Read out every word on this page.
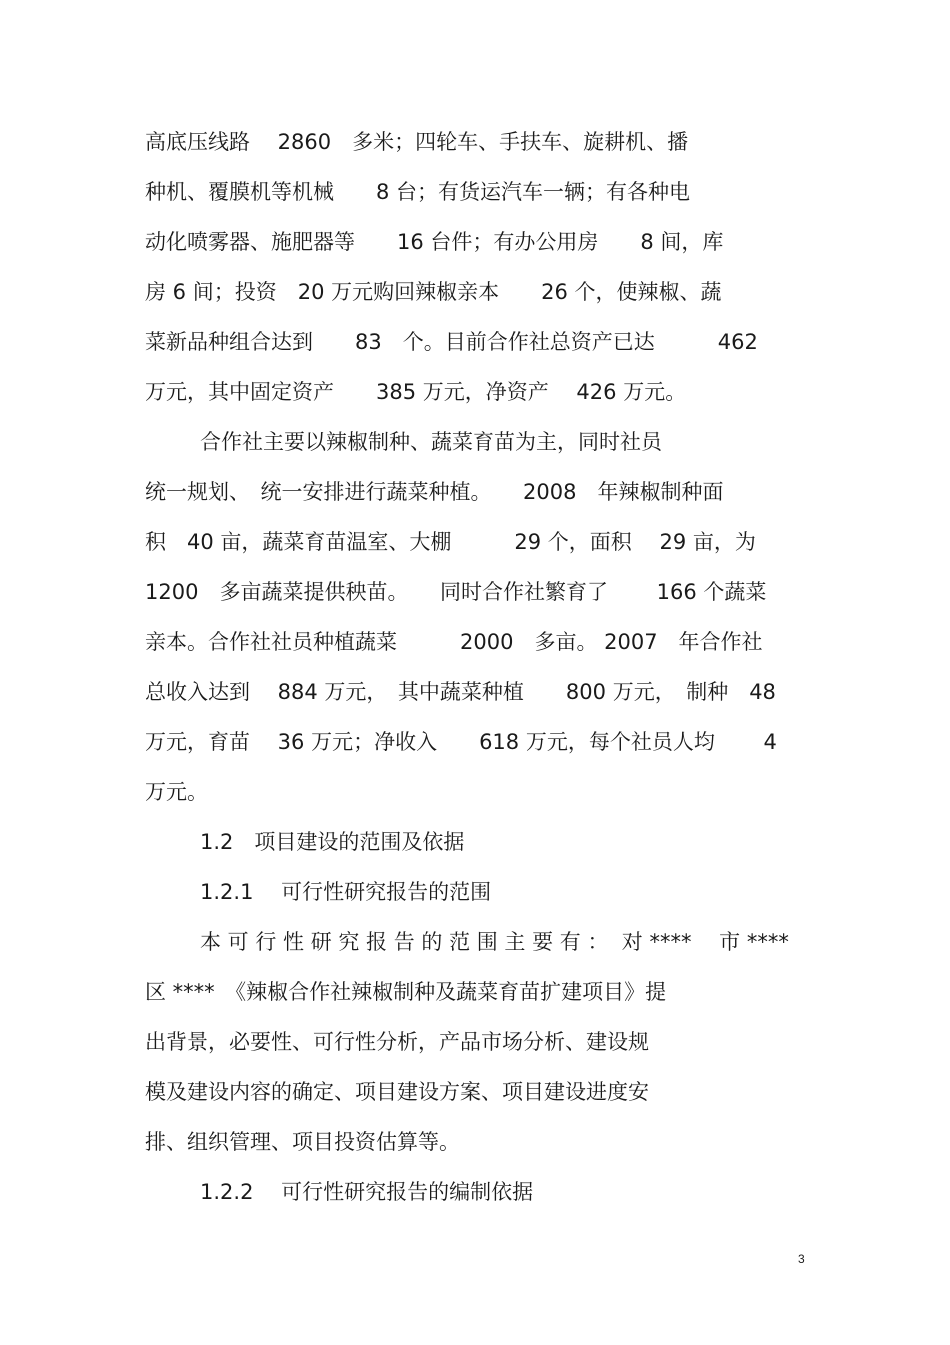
高底压线路　 2860　多米；四轮车、手扶车、旋耕机、播
种机、覆膜机等机械　　8 台；有货运汽车一辆；有各种电
动化喷雾器、施肥器等　　16 台件；有办公用房　　8 间，库
房 6 间；投资　20 万元购回辣椒亲本　　26 个，使辣椒、蔬
菜新品种组合达到　　83　个。目前合作社总资产已达　　　462
万元，其中固定资产　　385 万元，净资产　 426 万元。
合作社主要以辣椒制种、蔬菜育苗为主，同时社员
统一规划、　统一安排进行蔬菜种植。　　2008　年辣椒制种面
积　40 亩，蔬菜育苗温室、大棚　　　29 个，面积　 29 亩，为
1200　多亩蔬菜提供秧苗。　　同时合作社繁育了　　 166 个蔬菜
亲本。合作社社员种植蔬菜　　　2000　多亩。 2007　年合作社
总收入达到　 884 万元，　其中蔬菜种植　　800 万元，　制种　48
万元，育苗　 36 万元；净收入　　618 万元，每个社员人均　　 4
万元。
1.2　项目建设的范围及依据
1.2.1　 可行性研究报告的范围
本 可 行 性 研 究 报 告 的 范 围 主 要 有 ：  对 ****　 市 ****
区 ****　《辣椒合作社辣椒制种及蔬菜育苗扩建项目》提
出背景，必要性、可行性分析，产品市场分析、建设规
模及建设内容的确定、项目建设方案、项目建设进度安
排、组织管理、项目投资估算等。
1.2.2　 可行性研究报告的编制依据
3
